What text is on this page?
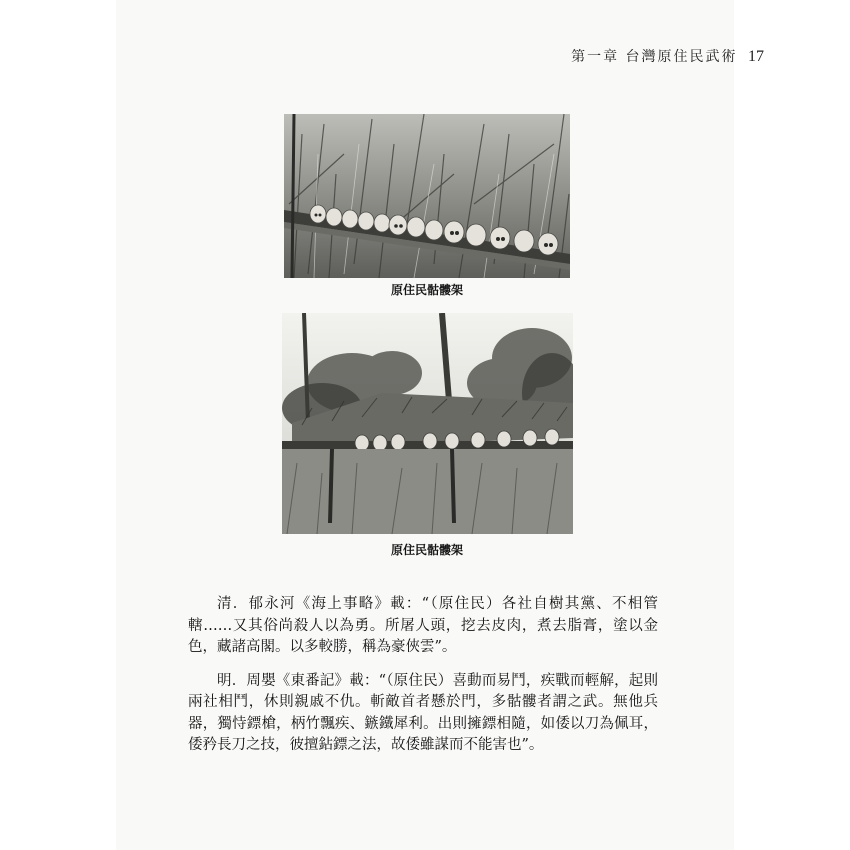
第一章 台灣原住民武術 17
原住民骷髏架
原住民骷髏架

清．郁永河《海上事略》載：“（原住民）各社自樹其黨、不相管轄……又其俗尚殺人以為勇。所屠人頭，挖去皮肉，煮去脂膏，塗以金色，藏諸高閣。以多較勝，稱為豪俠雲”。

明．周嬰《東番記》載：“（原住民）喜動而易鬥，疾戰而輕解，起則兩社相鬥，休則親戚不仇。斬敵首者懸於門，多骷髏者謂之武。無他兵器，獨恃鏢槍，柄竹飄疾、鏃鐵犀利。出則擁鏢相隨，如倭以刀為佩耳，倭矜長刀之技，彼擅鉆鏢之法，故倭雖謀而不能害也”。
